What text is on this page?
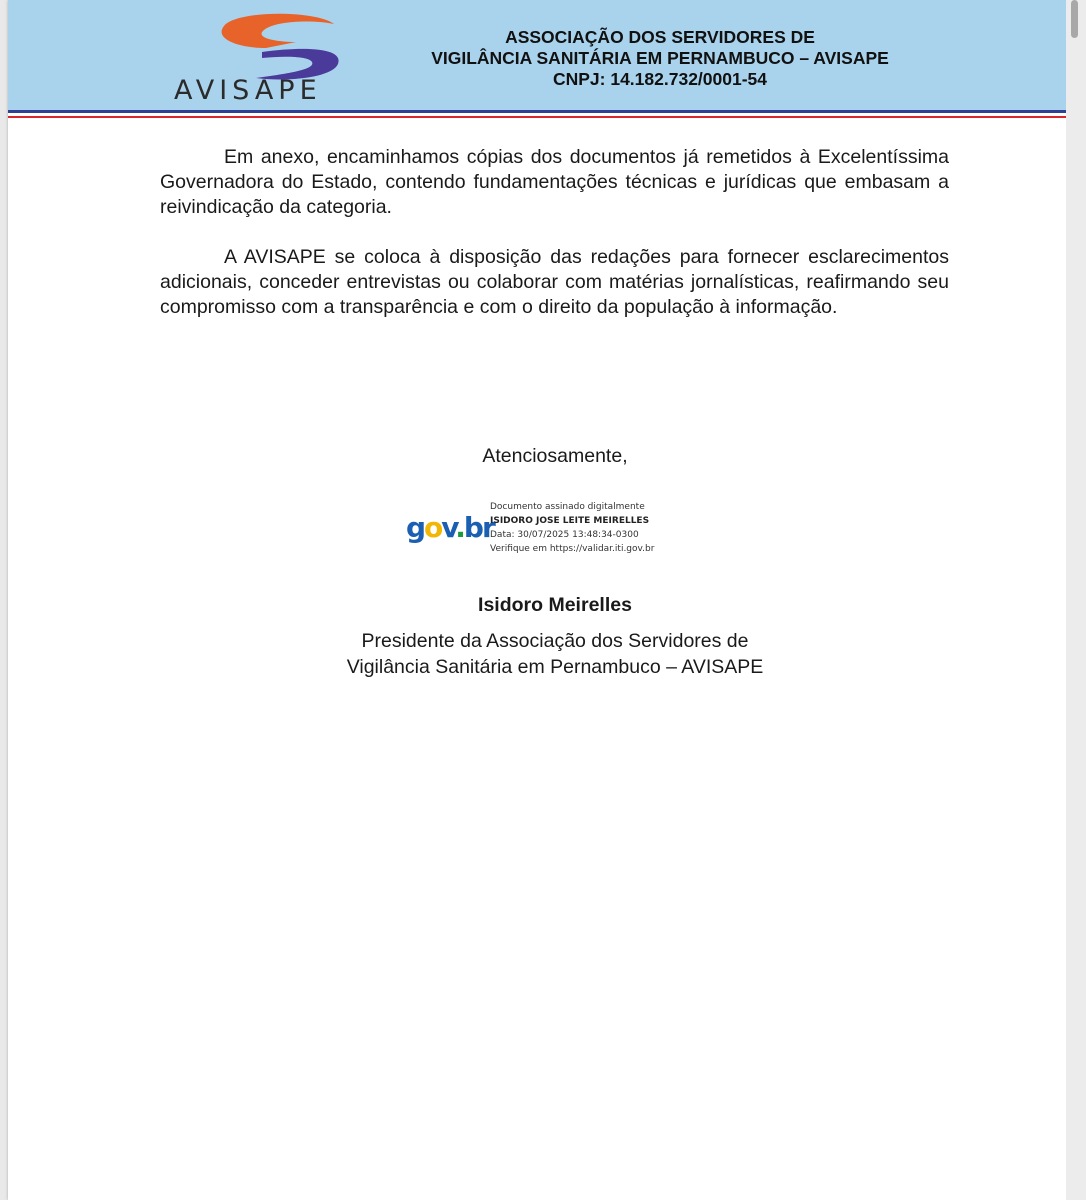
AVISAPE
ASSOCIAÇÃO DOS SERVIDORES DE
VIGILÂNCIA SANITÁRIA EM PERNAMBUCO – AVISAPE
CNPJ: 14.182.732/0001-54

Em anexo, encaminhamos cópias dos documentos já remetidos à Excelentíssima Governadora do Estado, contendo fundamentações técnicas e jurídicas que embasam a reivindicação da categoria.

A AVISAPE se coloca à disposição das redações para fornecer esclarecimentos adicionais, conceder entrevistas ou colaborar com matérias jornalísticas, reafirmando seu compromisso com a transparência e com o direito da população à informação.

Atenciosamente,
gov.br
Documento assinado digitalmente
ISIDORO JOSE LEITE MEIRELLES
Data: 30/07/2025 13:48:34-0300
Verifique em https://validar.iti.gov.br
Isidoro Meirelles
Presidente da Associação dos Servidores de
Vigilância Sanitária em Pernambuco – AVISAPE
